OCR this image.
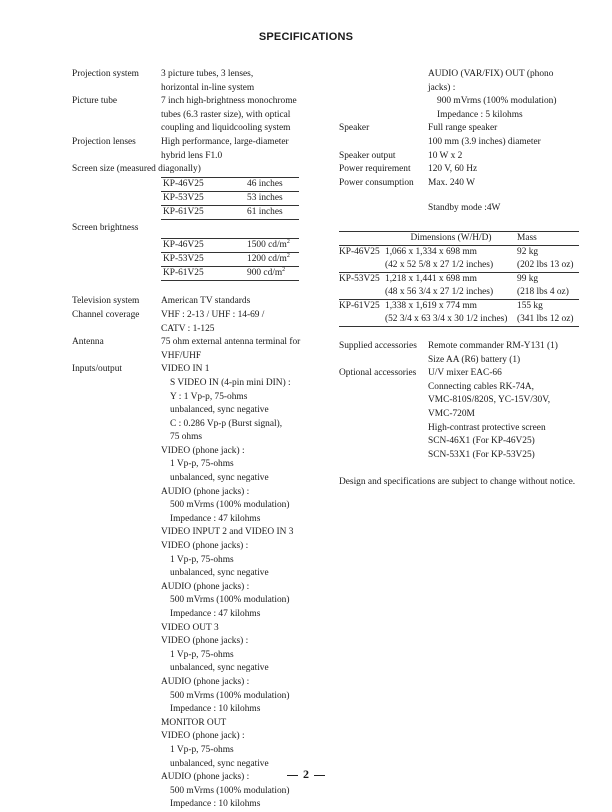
SPECIFICATIONS
Projection system	3 picture tubes, 3 lenses,
horizontal in-line system
Picture tube	7 inch high-brightness monochrome
tubes (6.3 raster size), with optical
coupling and liquidcooling system
Projection lenses	High performance, large-diameter
hybrid lens F1.0
Screen size (measured diagonally)
KP-46V25	46 inches
KP-53V25	53 inches
KP-61V25	61 inches
Screen brightness
KP-46V25	1500 $cd/m^2$
KP-53V25	1200 $cd/m^2$
KP-61V25	900 $cd/m^2$
Television system	American TV standards
Channel coverage	VHF : 2-13 / UHF : 14-69 /
CATV : 1-125
Antenna	75 ohm external antenna terminal for
VHF/UHF
Inputs/output	VIDEO IN 1
S VIDEO IN (4-pin mini DIN) :
Y : 1 Vp-p, 75-ohms
unbalanced, sync negative
C : 0.286 Vp-p (Burst signal),
75 ohms
VIDEO (phone jack) :
1 Vp-p, 75-ohms
unbalanced, sync negative
AUDIO (phone jacks) :
500 mVrms (100% modulation)
Impedance : 47 kilohms
VIDEO INPUT 2 and VIDEO IN 3
VIDEO (phone jacks) :
1 Vp-p, 75-ohms
unbalanced, sync negative
AUDIO (phone jacks) :
500 mVrms (100% modulation)
Impedance : 47 kilohms
VIDEO OUT 3
VIDEO (phone jacks) :
1 Vp-p, 75-ohms
unbalanced, sync negative
AUDIO (phone jacks) :
500 mVrms (100% modulation)
Impedance : 10 kilohms
MONITOR OUT
VIDEO (phone jack) :
1 Vp-p, 75-ohms
unbalanced, sync negative
AUDIO (phone jacks) :
500 mVrms (100% modulation)
Impedance : 10 kilohms
AUDIO (VAR/FIX) OUT (phono
jacks) :
900 mVrms (100% modulation)
Impedance : 5 kilohms
Speaker	Full range speaker
100 mm (3.9 inches) diameter
Speaker output	10 W x 2
Power requirement	120 V, 60 Hz
Power consumption	Max. 240 W
Standby mode :4W
	Dimensions (W/H/D)	Mass
KP-46V25	1,066 x 1,334 x 698 mm	92 kg
	(42 x 52 5/8 x 27 1/2 inches)	(202 lbs 13 oz)
KP-53V25	1,218 x 1,441 x 698 mm	99 kg
	(48 x 56 3/4 x 27 1/2 inches)	(218 lbs 4 oz)
KP-61V25	1,338 x 1,619 x 774 mm	155 kg
	(52 3/4 x 63 3/4 x 30 1/2 inches)	(341 lbs 12 oz)
Supplied accessories	Remote commander RM-Y131 (1)
Size AA (R6) battery (1)
Optional accessories	U/V mixer EAC-66
Connecting cables RK-74A,
VMC-810S/820S, YC-15V/30V,
VMC-720M
High-contrast protective screen
SCN-46X1 (For KP-46V25)
SCN-53X1 (For KP-53V25)
Design and specifications are subject to change without notice.
2
